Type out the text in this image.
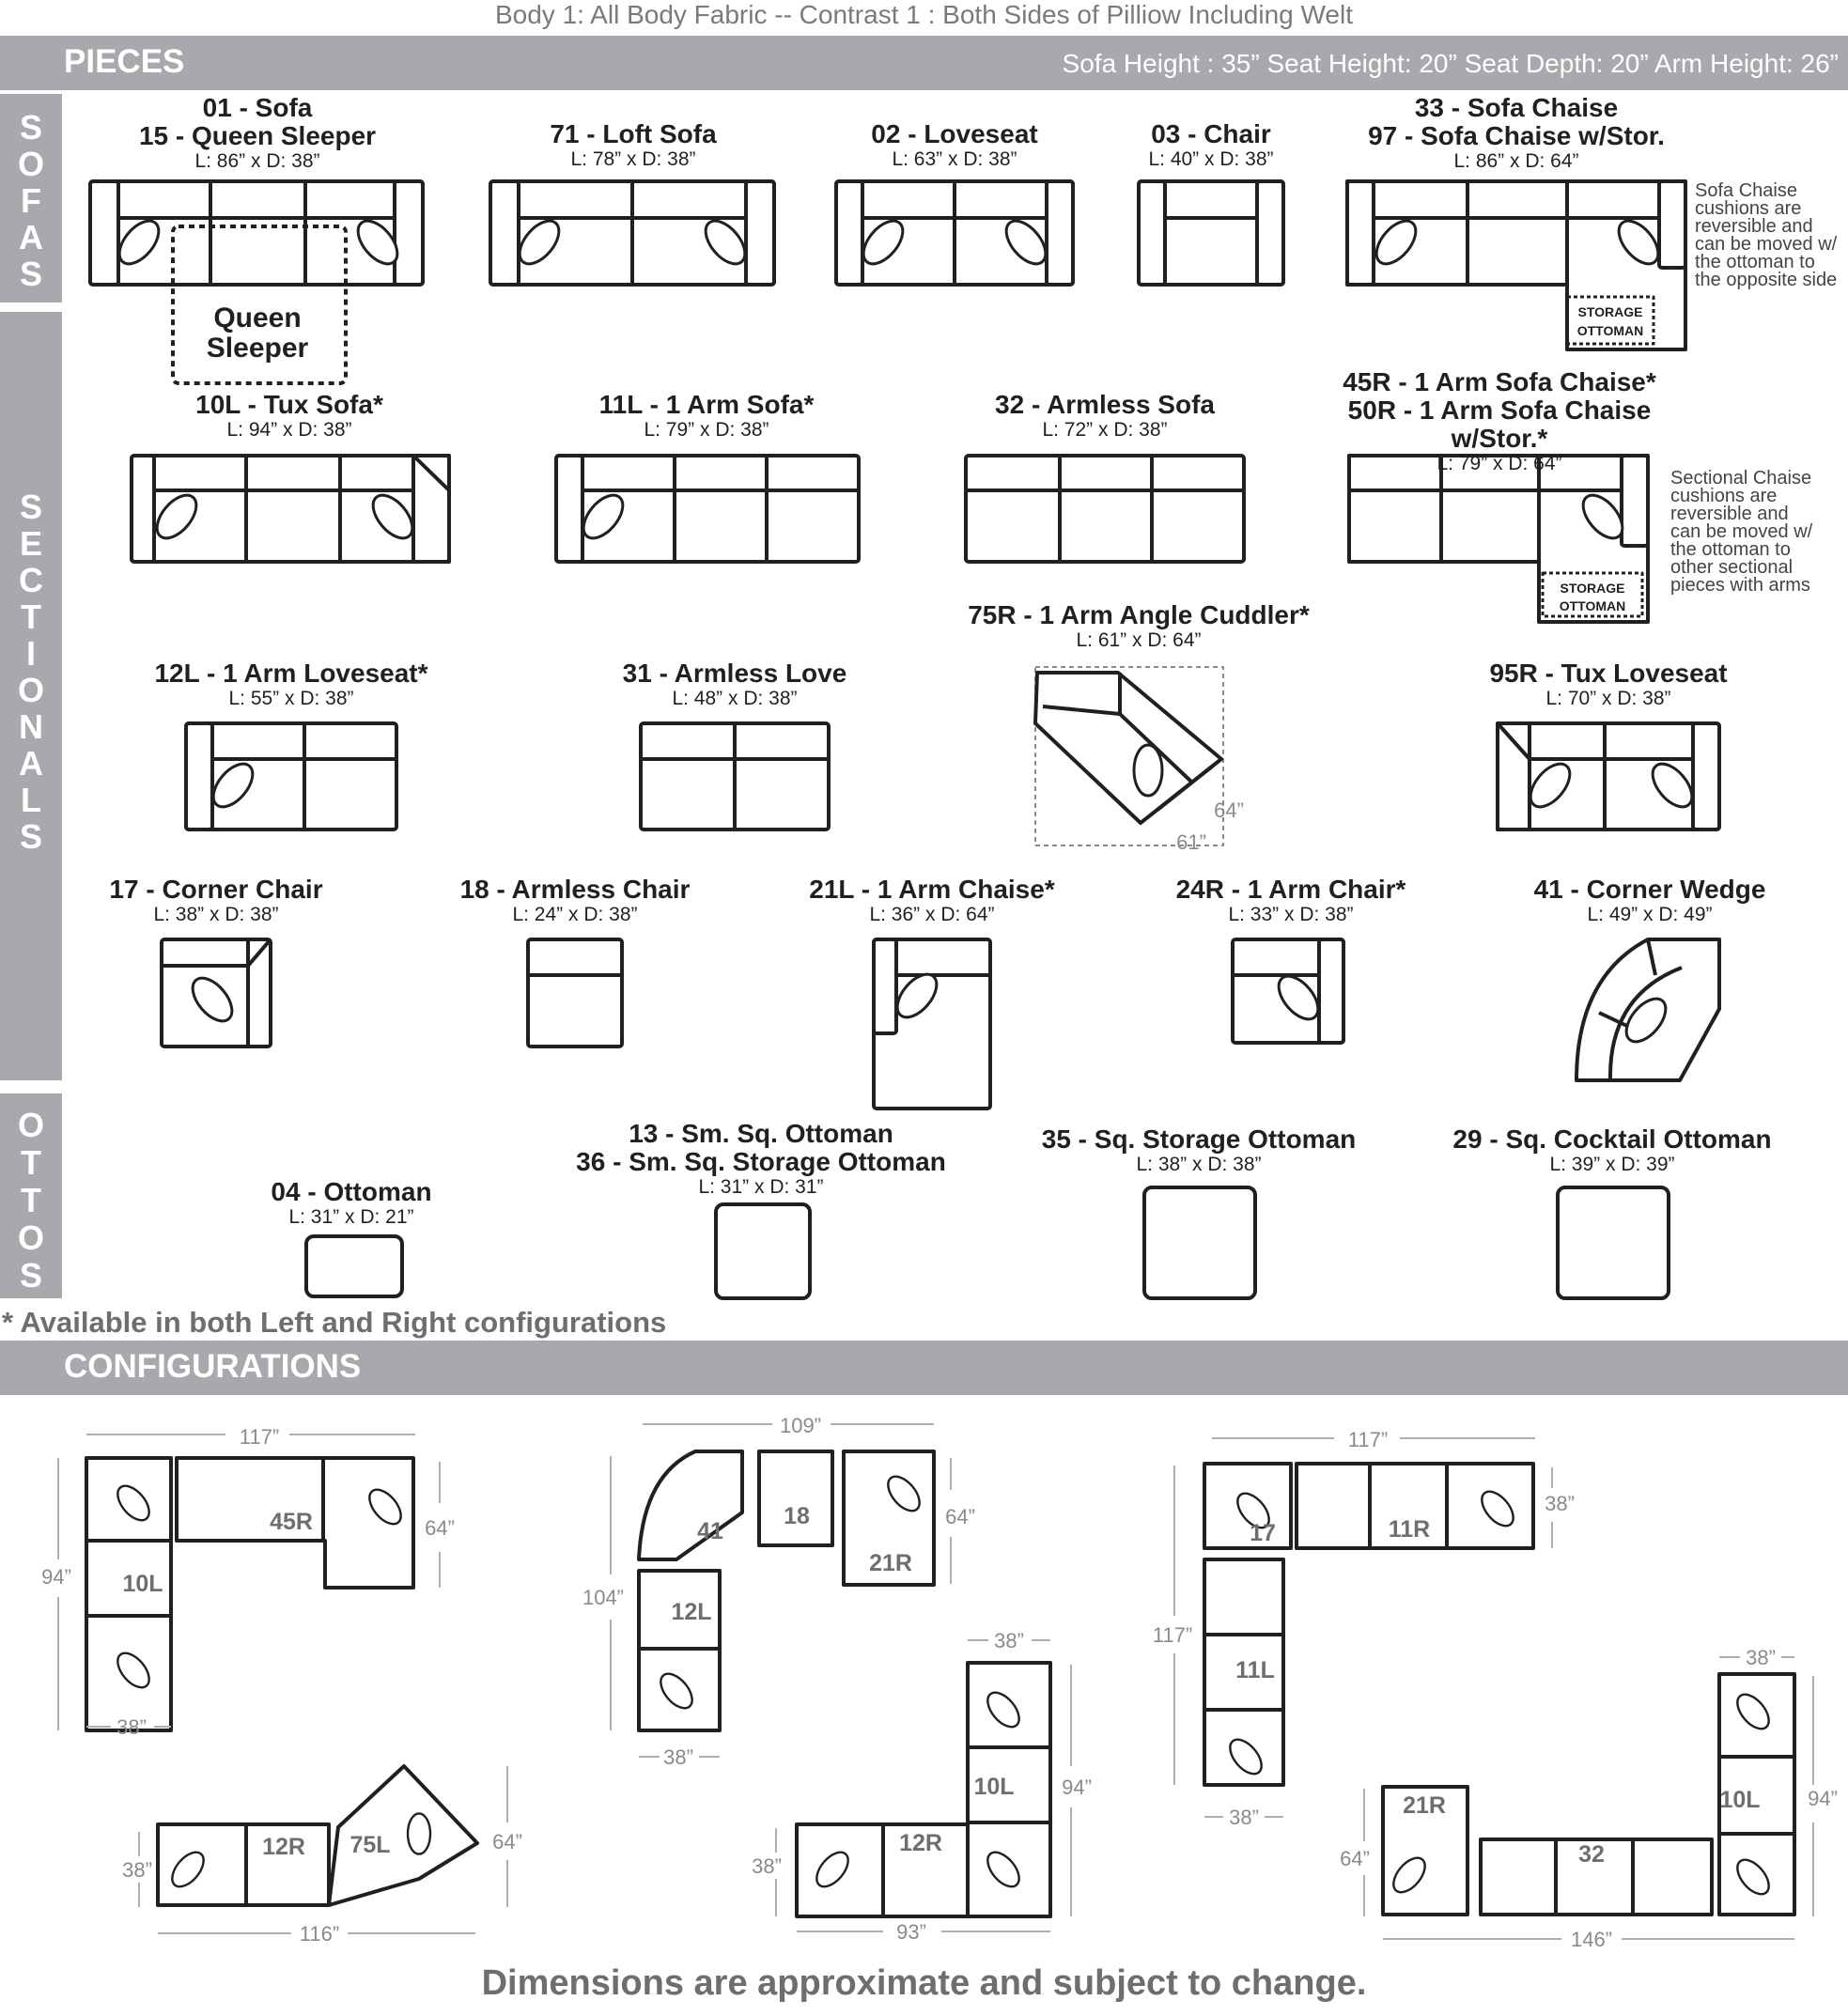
117”
94”
64”
38”
116”
38”
64”
109”
104”
64”
38”
38”
94”
93”
38”
117”
117”
38”
38”
38”
94”
146”
64”
64”
61”
45R
10L
12R 75L
41
18
21R
12L
10L
12R
17	11R
11L
21R
32
10L
Queen
Sleeper
STORAGE
OTTOMAN
STORAGE
OTTOMAN
Body 1: All Body Fabric -- Contrast 1 : Both Sides of Pilliow Including Welt
PIECES	Sofa Height : 35” Seat Height: 20” Seat Depth: 20” Arm Height: 26”
S
O
F
A
S
S
E
C
T
I
O
N
A
L
S
O
T
T
O
S
01 - Sofa
15 - Queen Sleeper
L: 86” x D: 38”
71 - Loft Sofa
L: 78” x D: 38”
02 - Loveseat
L: 63” x D: 38”
03 - Chair
L: 40” x D: 38”
33 - Sofa Chaise
97 - Sofa Chaise w/Stor.
L: 86” x D: 64”
Sofa Chaise
cushions are
reversible and
can be moved w/
the ottoman to
the opposite side
Sectional Chaise
cushions are
reversible and
can be moved w/
the ottoman to
other sectional
pieces with arms
10L - Tux Sofa*
L: 94” x D: 38”
11L - 1 Arm Sofa*
L: 79” x D: 38”
32 - Armless Sofa
L: 72” x D: 38”
45R - 1 Arm Sofa Chaise*
50R - 1 Arm Sofa Chaise w/Stor.*
L: 79” x D: 64”
75R - 1 Arm Angle Cuddler*
L: 61” x D: 64”
12L - 1 Arm Loveseat*
L: 55” x D: 38”
31 - Armless Love
L: 48” x D: 38”
95R - Tux Loveseat
L: 70” x D: 38”
17 - Corner Chair
L: 38” x D: 38”
18 - Armless Chair
L: 24” x D: 38”
21L - 1 Arm Chaise*
L: 36” x D: 64”
24R - 1 Arm Chair*
L: 33” x D: 38”
41 - Corner Wedge
L: 49” x D: 49”
04 - Ottoman
L: 31” x D: 21”
13 - Sm. Sq. Ottoman
36 - Sm. Sq. Storage Ottoman
L: 31” x D: 31”
35 - Sq. Storage Ottoman
L: 38” x D: 38”
29 - Sq. Cocktail Ottoman
L: 39” x D: 39”
* Available in both Left and Right configurations
CONFIGURATIONS
Dimensions are approximate and subject to change.
